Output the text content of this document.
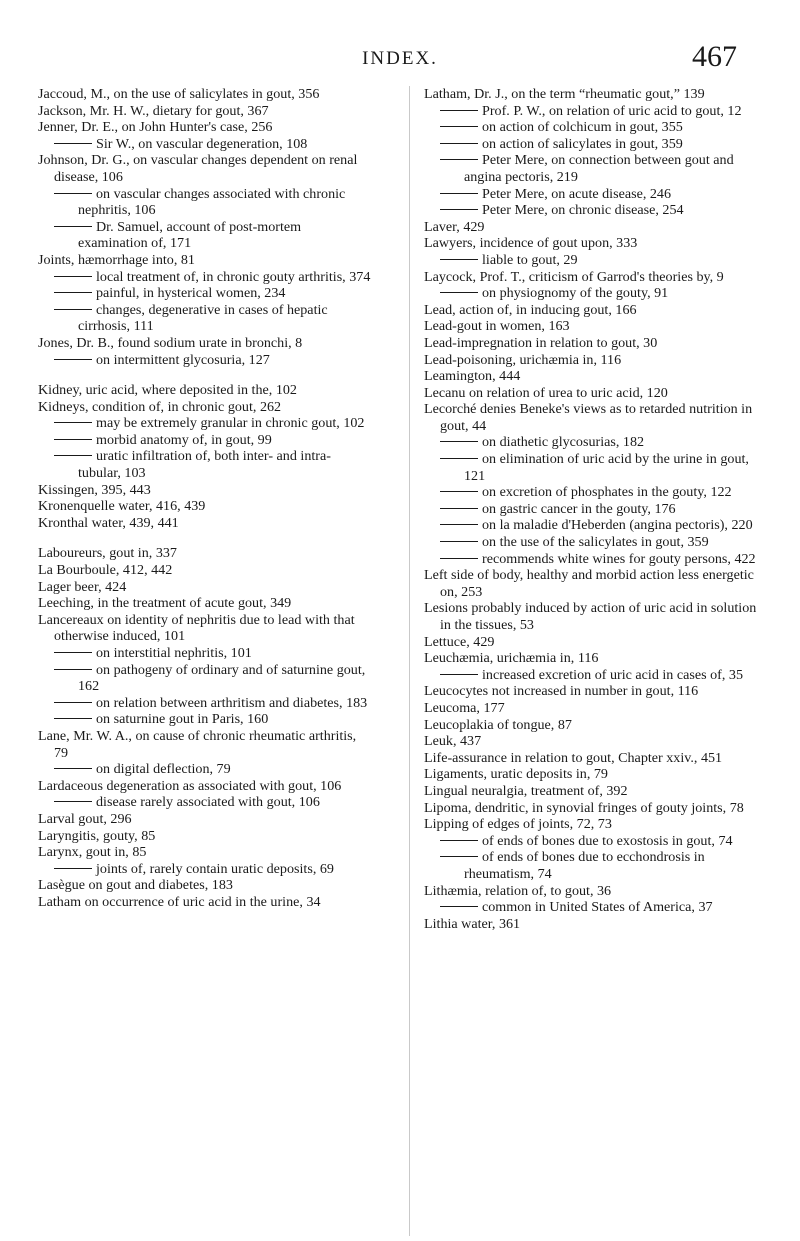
INDEX.	467

Jaccoud, M., on the use of salicylates in gout, 356

Jackson, Mr. H. W., dietary for gout, 367

Jenner, Dr. E., on John Hunter's case, 256

Sir W., on vascular degeneration, 108

Johnson, Dr. G., on vascular changes dependent on renal disease, 106

on vascular changes associated with chronic nephritis, 106

Dr. Samuel, account of post-mortem examination of, 171

Joints, hæmorrhage into, 81

local treatment of, in chronic gouty arthritis, 374

painful, in hysterical women, 234

changes, degenerative in cases of hepatic cirrhosis, 111

Jones, Dr. B., found sodium urate in bronchi, 8

on intermittent glycosuria, 127

Kidney, uric acid, where deposited in the, 102

Kidneys, condition of, in chronic gout, 262

may be extremely granular in chronic gout, 102

morbid anatomy of, in gout, 99

uratic infiltration of, both inter- and intra-tubular, 103

Kissingen, 395, 443

Kronenquelle water, 416, 439

Kronthal water, 439, 441

Laboureurs, gout in, 337

La Bourboule, 412, 442

Lager beer, 424

Leeching, in the treatment of acute gout, 349

Lancereaux on identity of nephritis due to lead with that otherwise induced, 101

on interstitial nephritis, 101

on pathogeny of ordinary and of saturnine gout, 162

on relation between arthritism and diabetes, 183

on saturnine gout in Paris, 160

Lane, Mr. W. A., on cause of chronic rheumatic arthritis, 79

on digital deflection, 79

Lardaceous degeneration as associated with gout, 106

disease rarely associated with gout, 106

Larval gout, 296

Laryngitis, gouty, 85

Larynx, gout in, 85

joints of, rarely contain uratic deposits, 69

Lasègue on gout and diabetes, 183

Latham on occurrence of uric acid in the urine, 34

Latham, Dr. J., on the term “rheumatic gout,” 139

Prof. P. W., on relation of uric acid to gout, 12

on action of colchicum in gout, 355

on action of salicylates in gout, 359

Peter Mere, on connection between gout and angina pectoris, 219

Peter Mere, on acute disease, 246

Peter Mere, on chronic disease, 254

Laver, 429

Lawyers, incidence of gout upon, 333

liable to gout, 29

Laycock, Prof. T., criticism of Garrod's theories by, 9

on physiognomy of the gouty, 91

Lead, action of, in inducing gout, 166

Lead-gout in women, 163

Lead-impregnation in relation to gout, 30

Lead-poisoning, urichæmia in, 116

Leamington, 444

Lecanu on relation of urea to uric acid, 120

Lecorché denies Beneke's views as to retarded nutrition in gout, 44

on diathetic glycosurias, 182

on elimination of uric acid by the urine in gout, 121

on excretion of phosphates in the gouty, 122

on gastric cancer in the gouty, 176

on la maladie d'Heberden (angina pectoris), 220

on the use of the salicylates in gout, 359

recommends white wines for gouty persons, 422

Left side of body, healthy and morbid action less energetic on, 253

Lesions probably induced by action of uric acid in solution in the tissues, 53

Lettuce, 429

Leuchæmia, urichæmia in, 116

increased excretion of uric acid in cases of, 35

Leucocytes not increased in number in gout, 116

Leucoma, 177

Leucoplakia of tongue, 87

Leuk, 437

Life-assurance in relation to gout, Chapter xxiv., 451

Ligaments, uratic deposits in, 79

Lingual neuralgia, treatment of, 392

Lipoma, dendritic, in synovial fringes of gouty joints, 78

Lipping of edges of joints, 72, 73

of ends of bones due to exostosis in gout, 74

of ends of bones due to ecchondrosis in rheumatism, 74

Lithæmia, relation of, to gout, 36

common in United States of America, 37

Lithia water, 361
